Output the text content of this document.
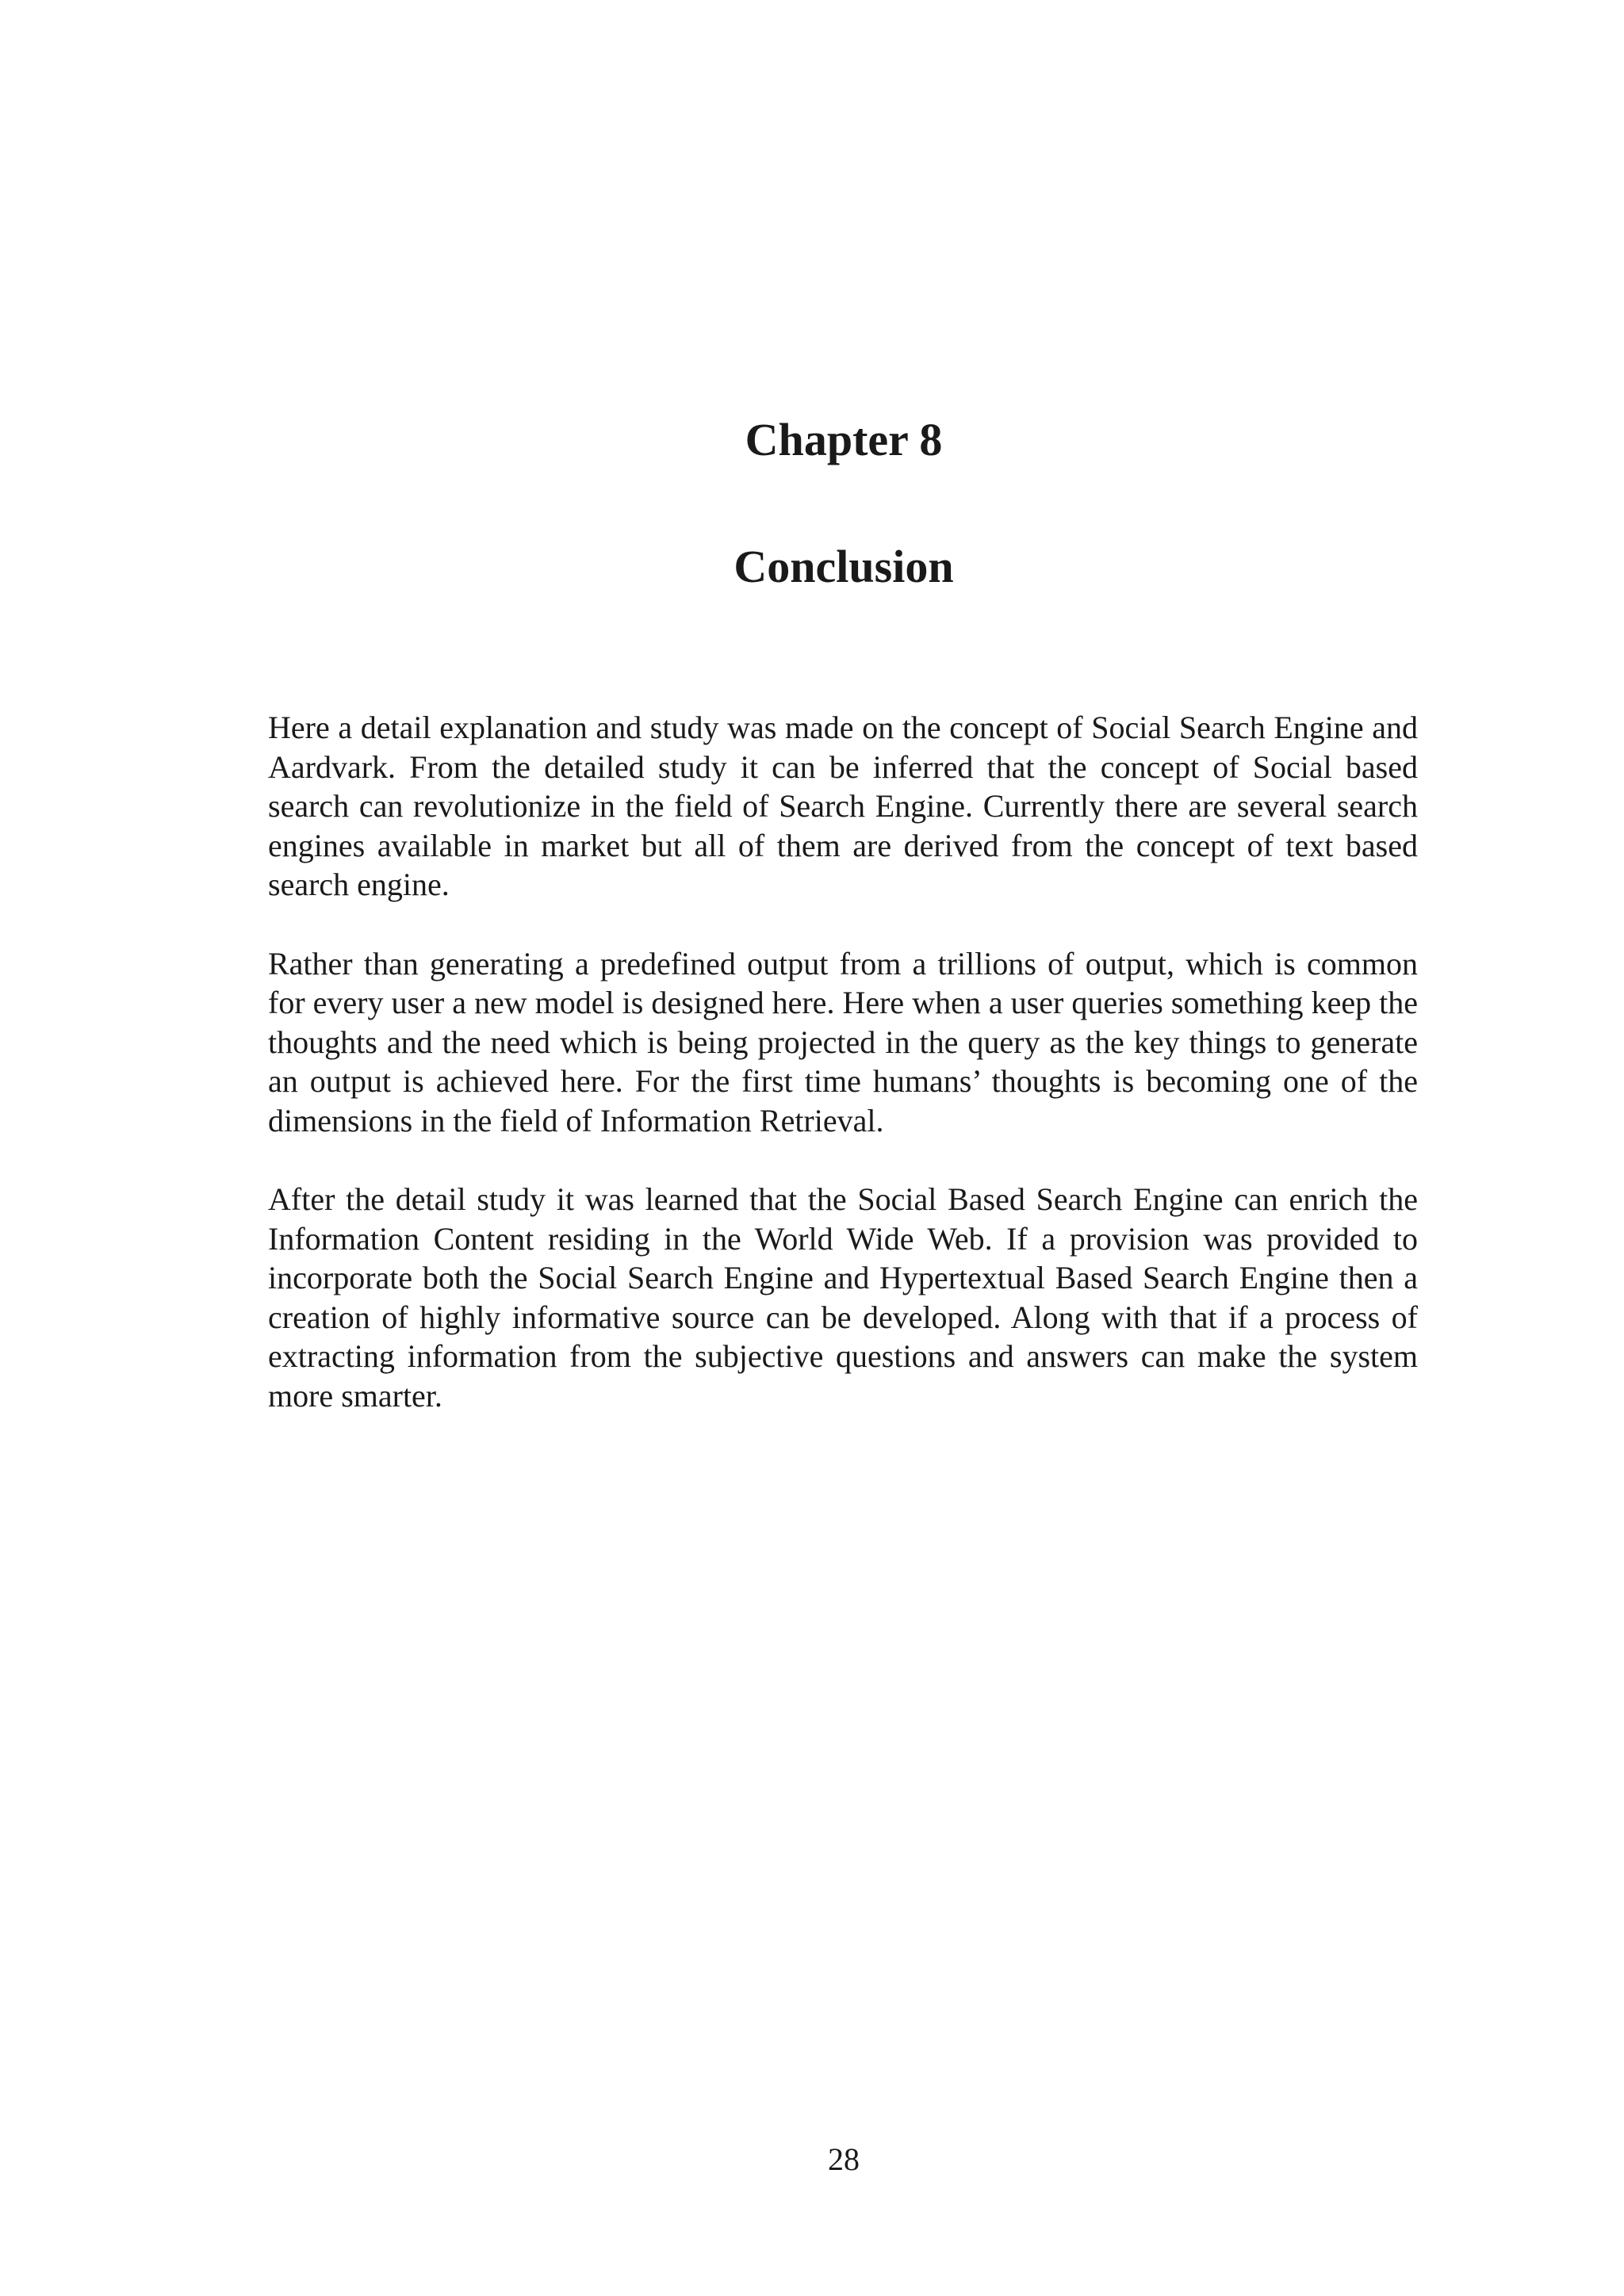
Chapter 8
Conclusion

Here a detail explanation and study was made on the concept of Social Search Engine and Aardvark. From the detailed study it can be inferred that the concept of Social based search can revolutionize in the field of Search Engine. Currently there are several search engines available in market but all of them are derived from the concept of text based search engine.

Rather than generating a predefined output from a trillions of output, which is common for every user a new model is designed here. Here when a user queries something keep the thoughts and the need which is being projected in the query as the key things to generate an output is achieved here. For the first time humans’ thoughts is becoming one of the dimensions in the field of Information Retrieval.

After the detail study it was learned that the Social Based Search Engine can enrich the Information Content residing in the World Wide Web. If a provision was provided to incorporate both the Social Search Engine and Hypertextual Based Search Engine then a creation of highly informative source can be developed. Along with that if a process of extracting information from the subjective questions and answers can make the system more smarter.

28
